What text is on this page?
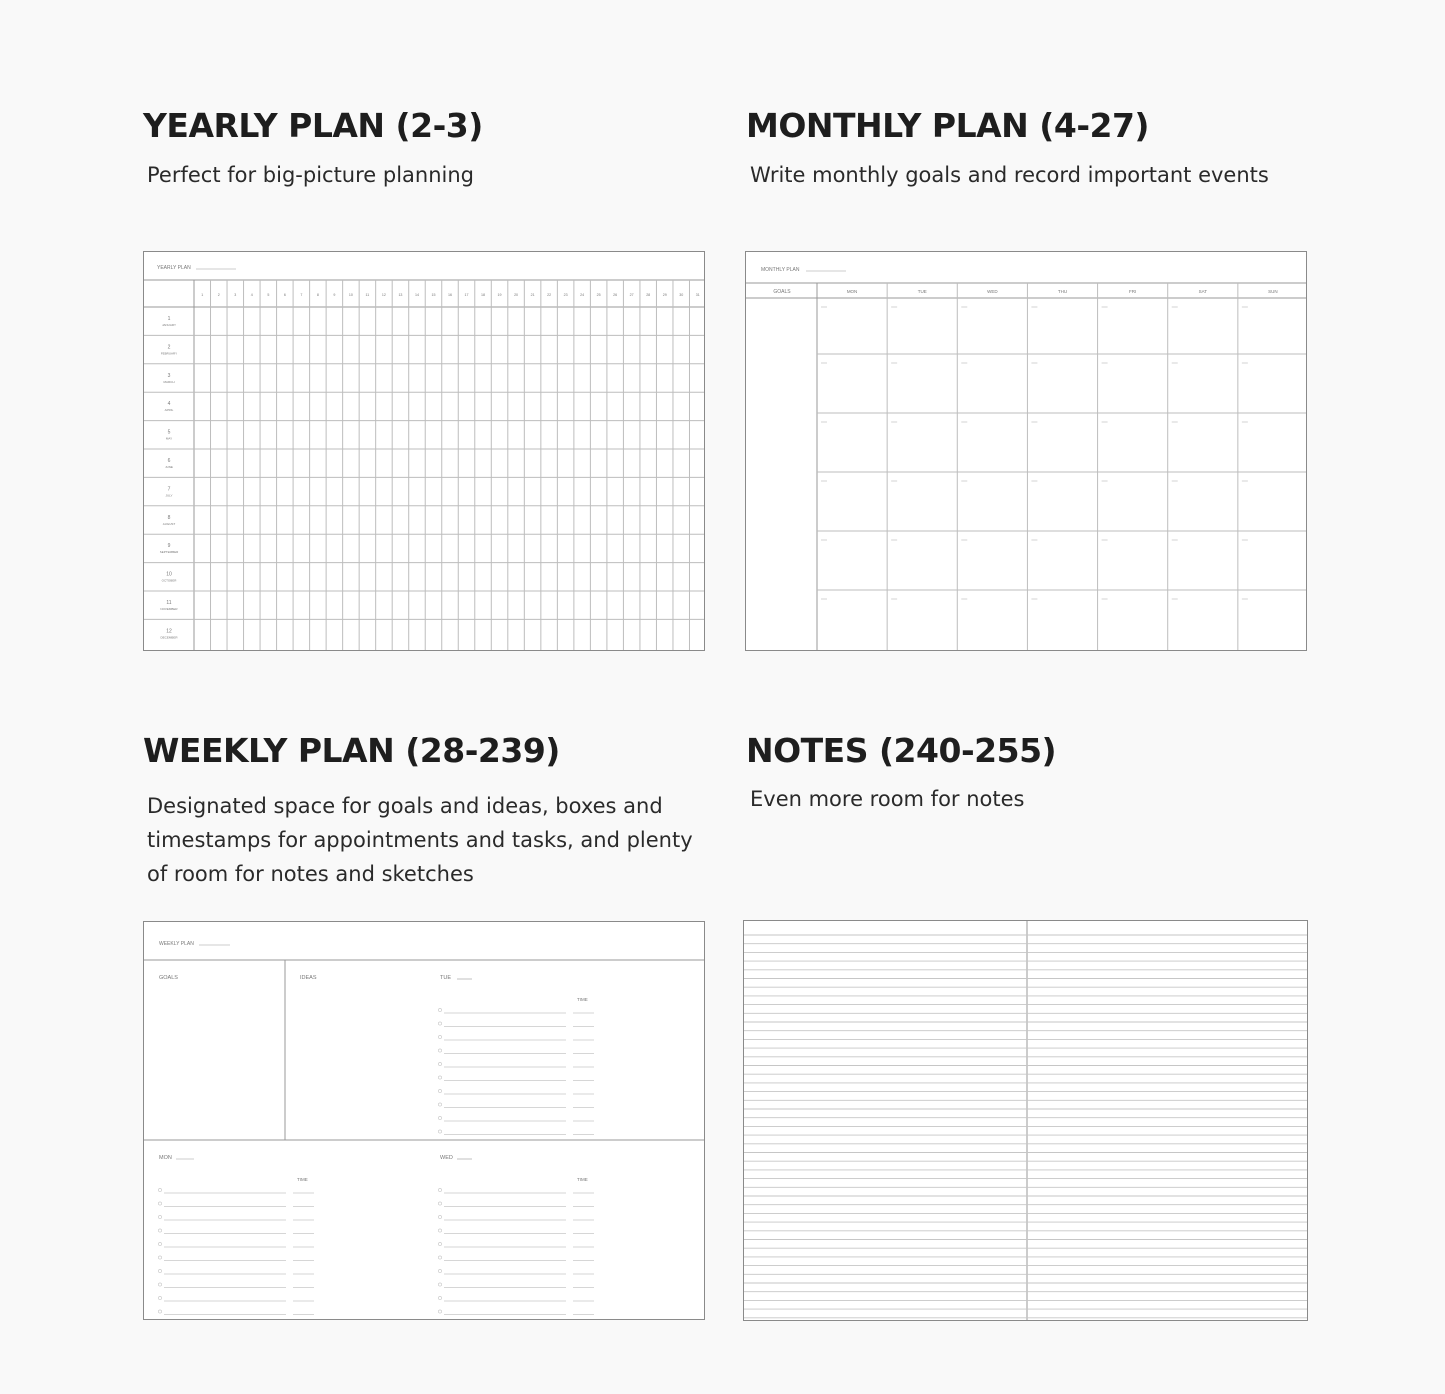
YEARLY PLAN (2-3)

Perfect for big-picture planning

YEARLY PLAN
1	2	3	4	5	6	7	8	9	10	11	12	13	14	15	16	17	18	19	20	21	22	23	24	25	26	27	28	29	30	31
1
JANUARY
2
FEBRUARY
3
MARCH
4
APRIL
5
MAY
6
JUNE
7
JULY
8
AUGUST
9
SEPTEMBER
10
OCTOBER
11
NOVEMBER
12
DECEMBER
MONTHLY PLAN (4-27)

Write monthly goals and record important events

MONTHLY PLAN
GOALS	MON	TUE	WED	THU	FRI	SAT	SUN
WEEKLY PLAN (28-239)

Designated space for goals and ideas, boxes and
timestamps for appointments and tasks, and plenty
of room for notes and sketches

WEEKLY PLAN
GOALS	IDEAS	TUE
MON	WED
TIME
TIME	TIME
NOTES (240-255)

Even more room for notes
